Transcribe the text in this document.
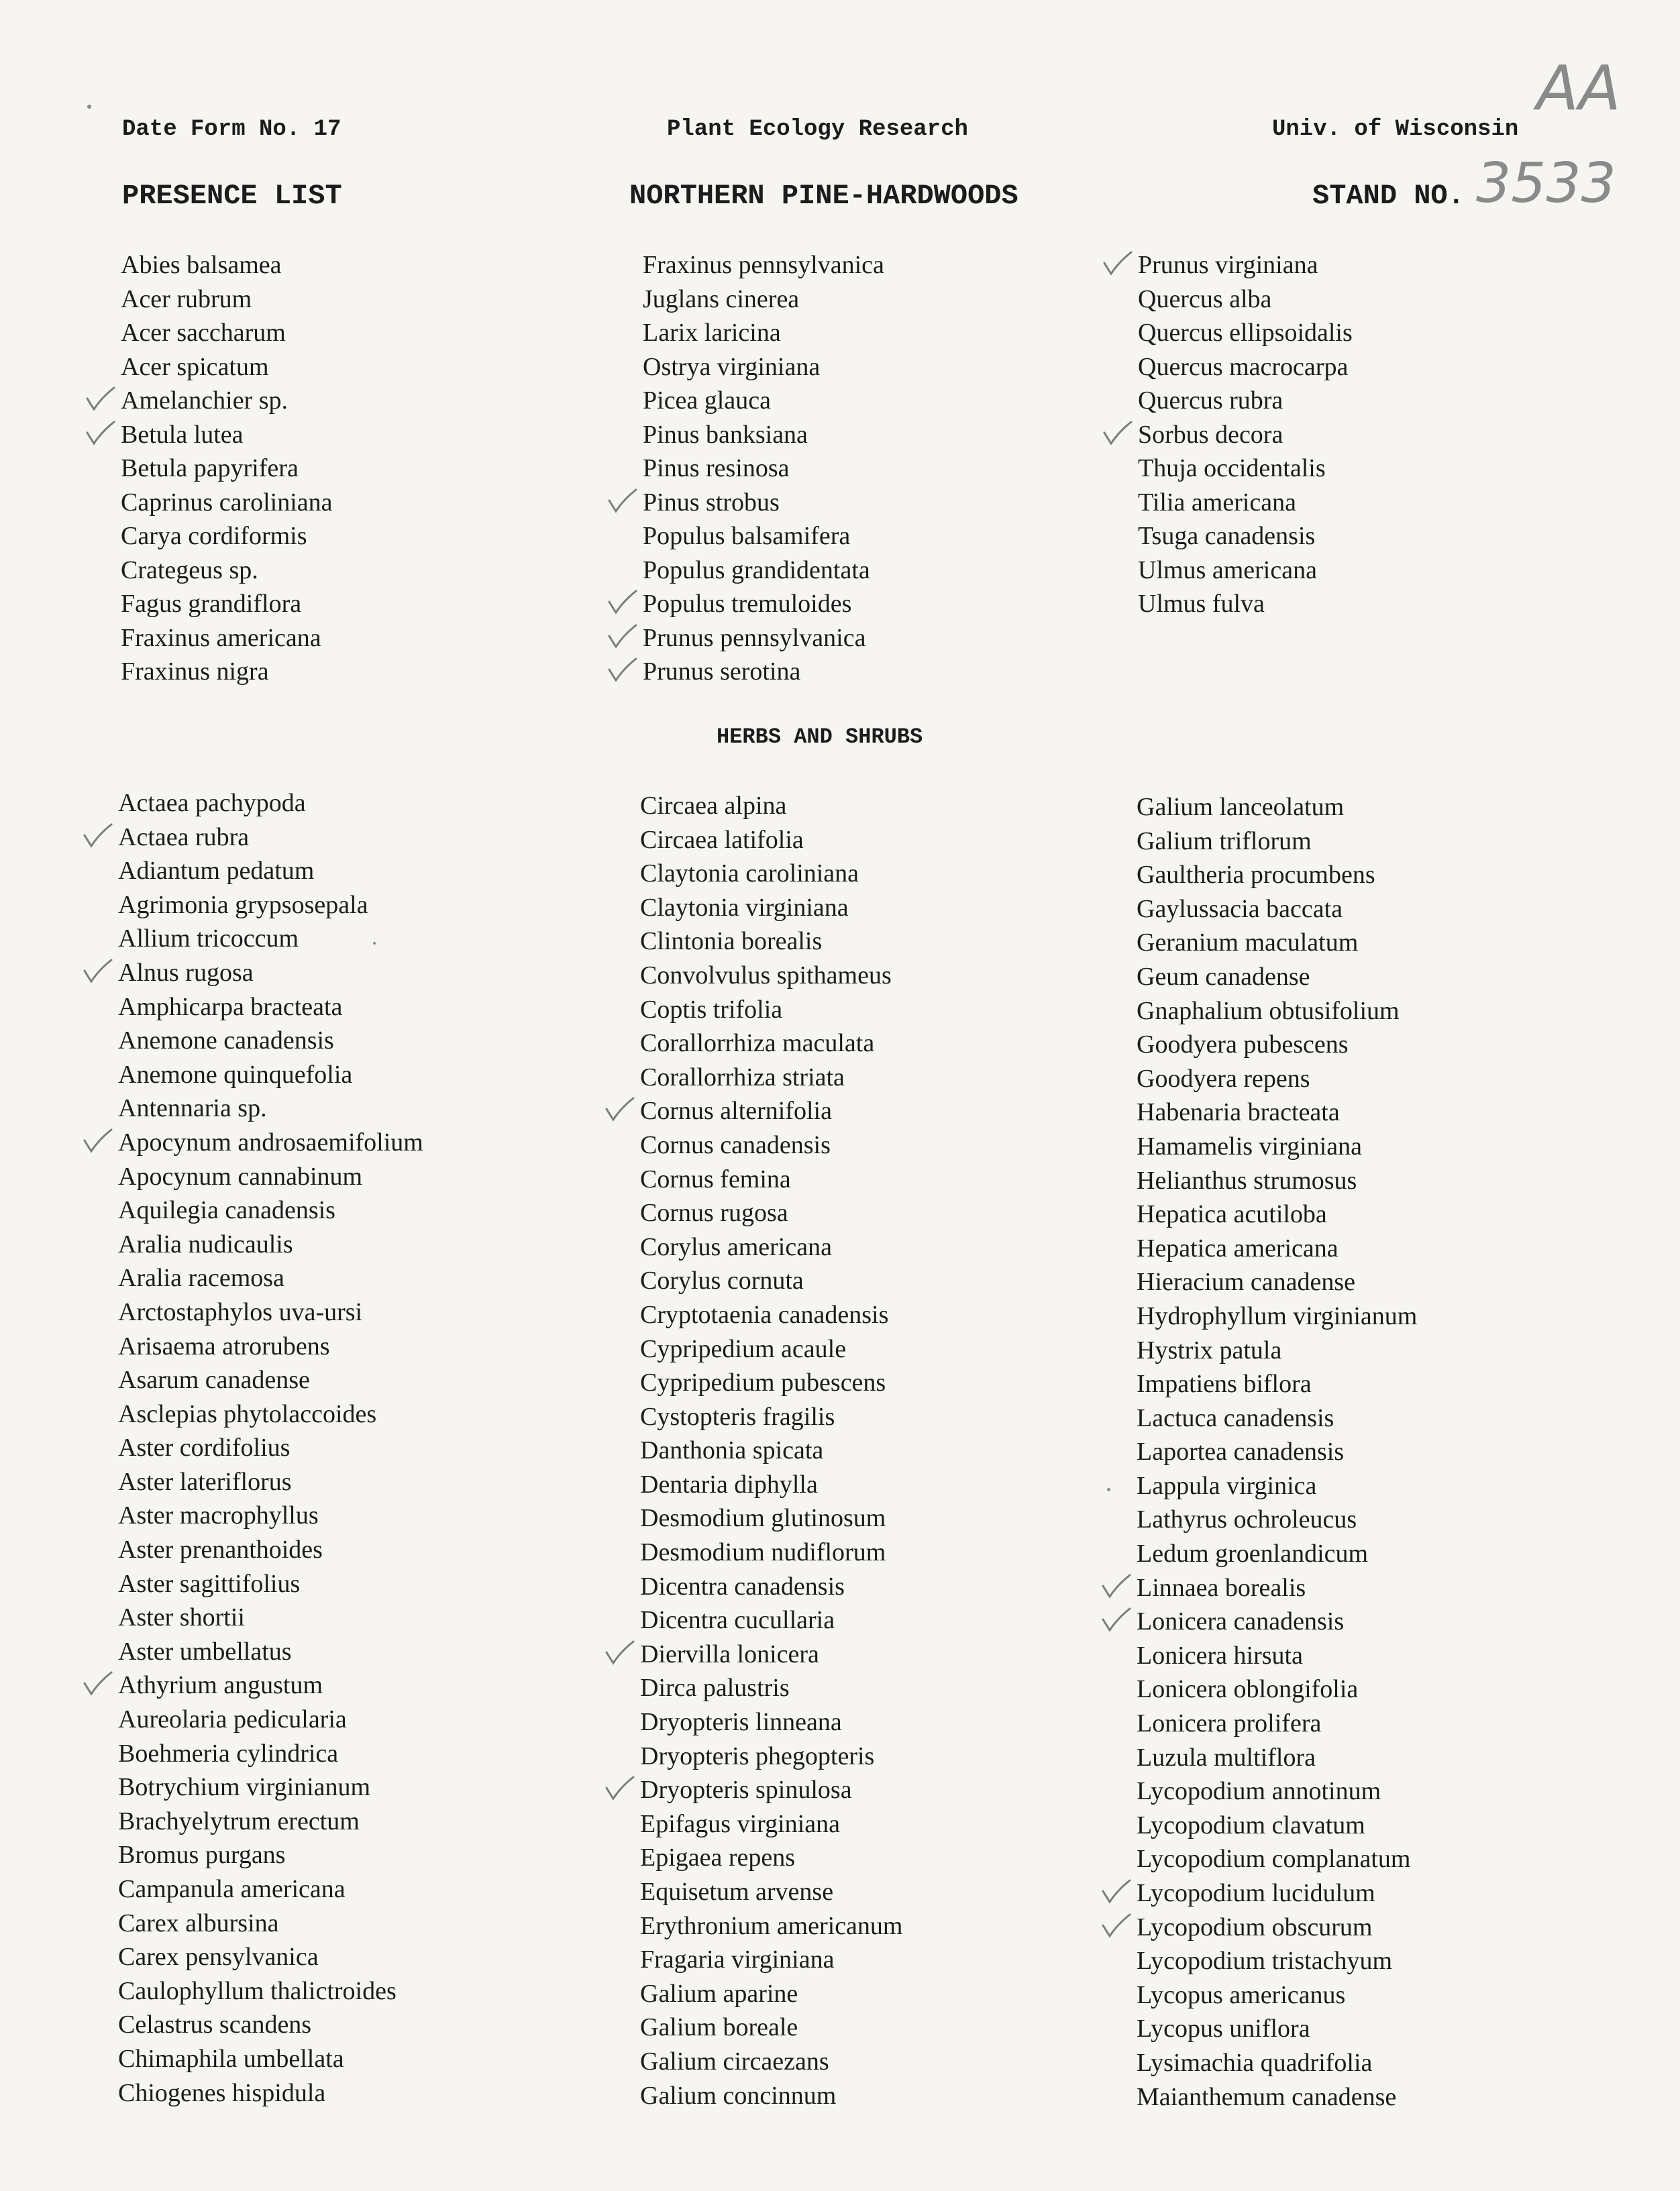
Date Form No. 17	Plant Ecology Research	Univ. of Wisconsin
AA
PRESENCE LIST	NORTHERN PINE-HARDWOODS	STAND NO. 3533
Abies balsamea
Acer rubrum
Acer saccharum
Acer spicatum
Amelanchier sp.
Betula lutea
Betula papyrifera
Caprinus caroliniana
Carya cordiformis
Crategeus sp.
Fagus grandiflora
Fraxinus americana
Fraxinus nigra
Fraxinus pennsylvanica
Juglans cinerea
Larix laricina
Ostrya virginiana
Picea glauca
Pinus banksiana
Pinus resinosa
Pinus strobus
Populus balsamifera
Populus grandidentata
Populus tremuloides
Prunus pennsylvanica
Prunus serotina
Prunus virginiana
Quercus alba
Quercus ellipsoidalis
Quercus macrocarpa
Quercus rubra
Sorbus decora
Thuja occidentalis
Tilia americana
Tsuga canadensis
Ulmus americana
Ulmus fulva
HERBS AND SHRUBS
Actaea pachypoda
Actaea rubra
Adiantum pedatum
Agrimonia grypsosepala
Allium tricoccum
Alnus rugosa
Amphicarpa bracteata
Anemone canadensis
Anemone quinquefolia
Antennaria sp.
Apocynum androsaemifolium
Apocynum cannabinum
Aquilegia canadensis
Aralia nudicaulis
Aralia racemosa
Arctostaphylos uva-ursi
Arisaema atrorubens
Asarum canadense
Asclepias phytolaccoides
Aster cordifolius
Aster lateriflorus
Aster macrophyllus
Aster prenanthoides
Aster sagittifolius
Aster shortii
Aster umbellatus
Athyrium angustum
Aureolaria pedicularia
Boehmeria cylindrica
Botrychium virginianum
Brachyelytrum erectum
Bromus purgans
Campanula americana
Carex albursina
Carex pensylvanica
Caulophyllum thalictroides
Celastrus scandens
Chimaphila umbellata
Chiogenes hispidula
Circaea alpina
Circaea latifolia
Claytonia caroliniana
Claytonia virginiana
Clintonia borealis
Convolvulus spithameus
Coptis trifolia
Corallorrhiza maculata
Corallorrhiza striata
Cornus alternifolia
Cornus canadensis
Cornus femina
Cornus rugosa
Corylus americana
Corylus cornuta
Cryptotaenia canadensis
Cypripedium acaule
Cypripedium pubescens
Cystopteris fragilis
Danthonia spicata
Dentaria diphylla
Desmodium glutinosum
Desmodium nudiflorum
Dicentra canadensis
Dicentra cucullaria
Diervilla lonicera
Dirca palustris
Dryopteris linneana
Dryopteris phegopteris
Dryopteris spinulosa
Epifagus virginiana
Epigaea repens
Equisetum arvense
Erythronium americanum
Fragaria virginiana
Galium aparine
Galium boreale
Galium circaezans
Galium concinnum
Galium lanceolatum
Galium triflorum
Gaultheria procumbens
Gaylussacia baccata
Geranium maculatum
Geum canadense
Gnaphalium obtusifolium
Goodyera pubescens
Goodyera repens
Habenaria bracteata
Hamamelis virginiana
Helianthus strumosus
Hepatica acutiloba
Hepatica americana
Hieracium canadense
Hydrophyllum virginianum
Hystrix patula
Impatiens biflora
Lactuca canadensis
Laportea canadensis
Lappula virginica
Lathyrus ochroleucus
Ledum groenlandicum
Linnaea borealis
Lonicera canadensis
Lonicera hirsuta
Lonicera oblongifolia
Lonicera prolifera
Luzula multiflora
Lycopodium annotinum
Lycopodium clavatum
Lycopodium complanatum
Lycopodium lucidulum
Lycopodium obscurum
Lycopodium tristachyum
Lycopus americanus
Lycopus uniflora
Lysimachia quadrifolia
Maianthemum canadense
